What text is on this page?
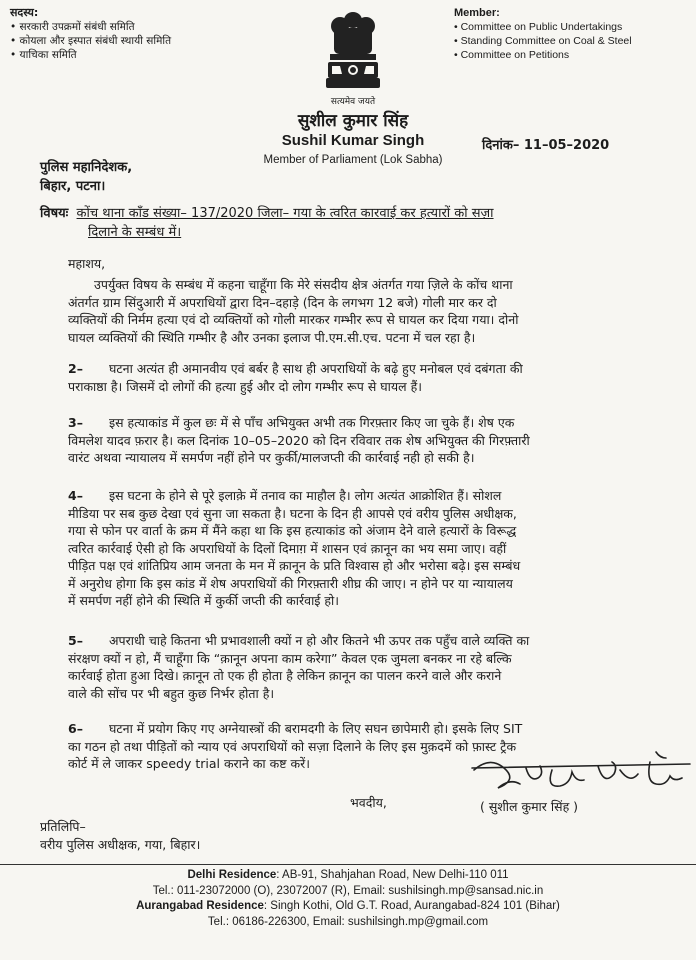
सदस्य:
• सरकारी उपक्रमों संबंधी समिति
• कोयला और इस्पात संबंधी स्थायी समिति
• याचिका समिति
सत्यमेव जयते
Member:
• Committee on Public Undertakings
• Standing Committee on Coal & Steel
• Committee on Petitions
सुशील कुमार सिंह
Sushil Kumar Singh
Member of Parliament (Lok Sabha)
दिनांक– 11–05–2020
पुलिस महानिदेशक,
बिहार, पटना।
विषयः कोंच थाना काँड संख्या– 137/2020 जिला– गया के त्वरित कारवाई कर हत्यारों को सज़ा
दिलाने के सम्बंध में।
महाशय,
उपर्युक्त विषय के सम्बंध में कहना चाहूँगा कि मेरे संसदीय क्षेत्र अंतर्गत गया ज़िले के कोंच थाना
अंतर्गत ग्राम सिंदुआरी में अपराधियों द्वारा दिन–दहाड़े (दिन के लगभग 12 बजे) गोली मार कर दो
व्यक्तियों की निर्मम हत्या एवं दो व्यक्तियों को गोली मारकर गम्भीर रूप से घायल कर दिया गया। दोनो
घायल व्यक्तियों की स्थिति गम्भीर है और उनका इलाज पी.एम.सी.एच. पटना में चल रहा है।
2– घटना अत्यंत ही अमानवीय एवं बर्बर है साथ ही अपराधियों के बढ़े हुए मनोबल एवं दबंगता की
पराकाष्ठा है। जिसमें दो लोगों की हत्या हुई और दो लोग गम्भीर रूप से घायल हैं।
3– इस हत्याकांड में कुल छः में से पाँच अभियुक्त अभी तक गिरफ़्तार किए जा चुके हैं। शेष एक
विमलेश यादव फ़रार है। कल दिनांक 10–05–2020 को दिन रविवार तक शेष अभियुक्त की गिरफ़्तारी
वारंट अथवा न्यायालय में समर्पण नहीं होने पर कुर्की/मालजप्ती की कार्रवाई नही हो सकी है।
4– इस घटना के होने से पूरे इलाक़े में तनाव का माहौल है। लोग अत्यंत आक्रोशित हैं। सोशल
मीडिया पर सब कुछ देखा एवं सुना जा सकता है। घटना के दिन ही आपसे एवं वरीय पुलिस अधीक्षक,
गया से फोन पर वार्ता के क्रम में मैंने कहा था कि इस हत्याकांड को अंजाम देने वाले हत्यारों के विरूद्ध
त्वरित कार्रवाई ऐसी हो कि अपराधियों के दिलों दिमाग़ में शासन एवं क़ानून का भय समा जाए। वहीं
पीड़ित पक्ष एवं शांतिप्रिय आम जनता के मन में क़ानून के प्रति विश्वास हो और भरोसा बढ़े। इस सम्बंध
में अनुरोध होगा कि इस कांड में शेष अपराधियों की गिरफ़्तारी शीघ्र की जाए। न होने पर या न्यायालय
में समर्पण नहीं होने की स्थिति में कुर्की जप्ती की कार्रवाई हो।
5– अपराधी चाहे कितना भी प्रभावशाली क्यों न हो और कितने भी ऊपर तक पहुँच वाले व्यक्ति का
संरक्षण क्यों न हो, मैं चाहूँगा कि “क़ानून अपना काम करेगा” केवल एक जुमला बनकर ना रहे बल्कि
कार्रवाई होता हुआ दिखे। क़ानून तो एक ही होता है लेकिन क़ानून का पालन करने वाले और कराने
वाले की सोंच पर भी बहुत कुछ निर्भर होता है।
6– घटना में प्रयोग किए गए अग्नेयास्त्रों की बरामदगी के लिए सघन छापेमारी हो। इसके लिए SIT
का गठन हो तथा पीड़ितों को न्याय एवं अपराधियों को सज़ा दिलाने के लिए इस मुक़दमें को फ़ास्ट ट्रैक
कोर्ट में ले जाकर speedy trial कराने का कष्ट करें।
भवदीय,	( सुशील कुमार सिंह )
प्रतिलिपि–
वरीय पुलिस अधीक्षक, गया, बिहार।
Delhi Residence: AB-91, Shahjahan Road, New Delhi-110 011
Tel.: 011-23072000 (O), 23072007 (R), Email: sushilsingh.mp@sansad.nic.in
Aurangabad Residence: Singh Kothi, Old G.T. Road, Aurangabad-824 101 (Bihar)
Tel.: 06186-226300, Email: sushilsingh.mp@gmail.com
